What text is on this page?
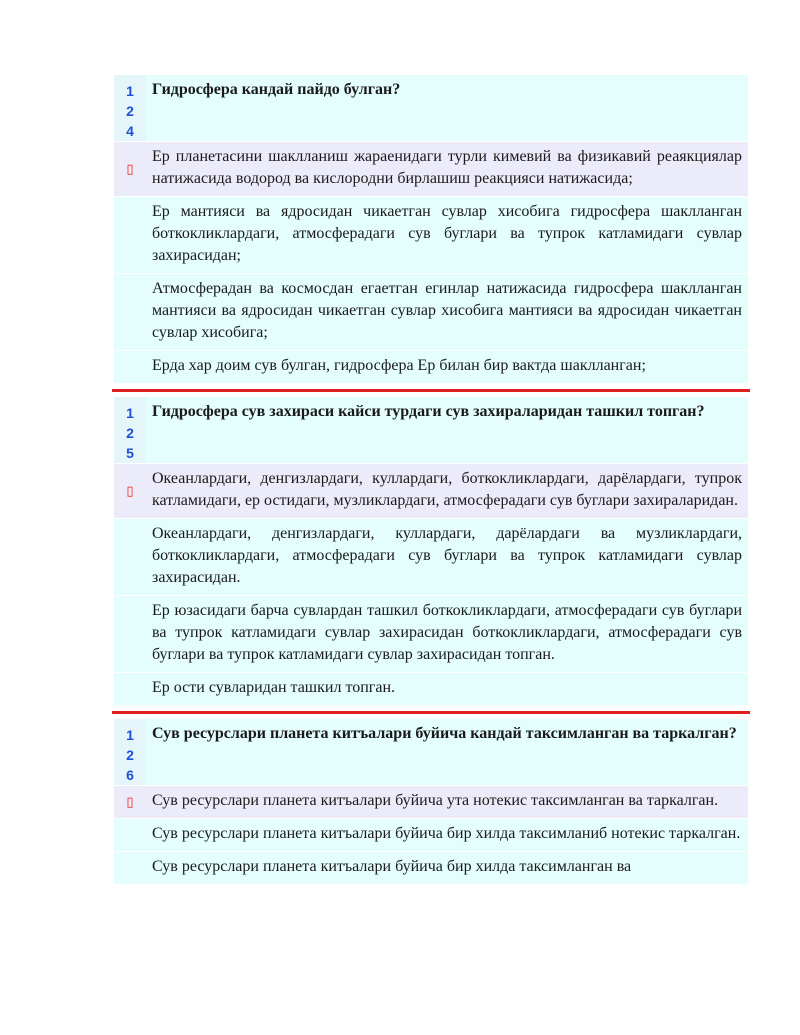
124
Гидросфера кандай пайдо булган?
▯
Ер планетасини шаклланиш жараенидаги турли кимевий ва физикавий реаякциялар натижасида водород ва кислородни бирлашиш реакцияси натижасида;
Ер мантияси ва ядросидан чикаетган сувлар хисобига гидросфера шаклланган боткокликлардаги, атмосферадаги сув буглари ва тупрок катламидаги сувлар захирасидан;
Атмосферадан ва космосдан егаетган егинлар натижасида гидросфера шаклланган мантияси ва ядросидан чикаетган сувлар хисобига мантияси ва ядросидан чикаетган сувлар хисобига;
Ерда хар доим сув булган, гидросфера Ер билан бир вактда шаклланган;
125
Гидросфера сув захираси кайси турдаги сув захираларидан ташкил топган?
▯
Океанлардаги, денгизлардаги, куллардаги, боткокликлардаги, дарёлардаги, тупрок катламидаги, ер остидаги, музликлардаги, атмосферадаги сув буглари захираларидан.
Океанлардаги, денгизлардаги, куллардаги, дарёлардаги ва музликлардаги, боткокликлардаги, атмосферадаги сув буглари ва тупрок катламидаги сувлар захирасидан.
Ер юзасидаги барча сувлардан ташкил боткокликлардаги, атмосферадаги сув буглари ва тупрок катламидаги сувлар захирасидан боткокликлардаги, атмосферадаги сув буглари ва тупрок катламидаги сувлар захирасидан топган.
Ер ости сувларидан ташкил топган.
126
Сув ресурслари планета китъалари буйича кандай таксимланган ва таркалган?
▯	Сув ресурслари планета китъалари буйича ута нотекис таксимланган ва таркалган.
Сув ресурслари планета китъалари буйича бир хилда таксимланиб нотекис таркалган.
Сув ресурслари планета китъалари буйича бир хилда таксимланган ва
